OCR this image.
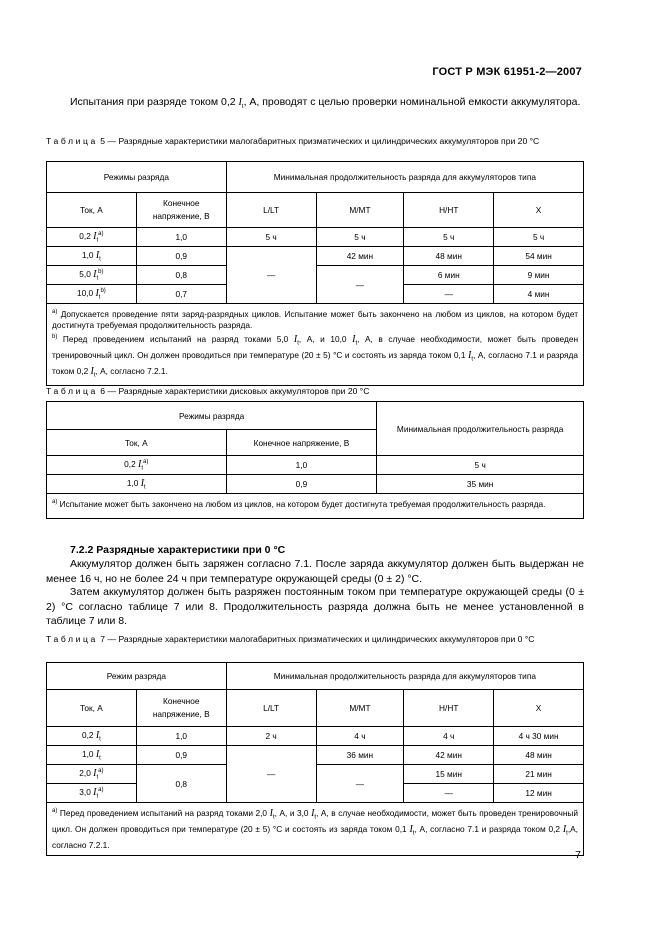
ГОСТ Р МЭК 61951-2—2007
Испытания при разряде током 0,2 $I_t$, А, проводят с целью проверки номинальной емкости аккумулятора.
Таблица 5 — Разрядные характеристики малогабаритных призматических и цилиндрических аккумуляторов при 20 °С
Режимы разряда		Минимальная продолжительность разряда для аккумуляторов типа			
Ток, А	Конечное напряжение, В	L/LT	M/MT	H/HT	X
0,2 $I_t^{a)}$	1,0	5 ч	5 ч	5 ч	5 ч
1,0 $I_t$	0,9	—	42 мин	48 мин	54 мин
5,0 $I_t^{b)}$	0,8		—	6 мин	9 мин
10,0 $I_t^{b)}$	0,7			—	4 мин

$^{a)}$ Допускается проведение пяти заряд-разрядных циклов. Испытание может быть закончено на любом из циклов, на котором будет достигнута требуемая продолжительность разряда.
$^{b)}$ Перед проведением испытаний на разряд токами 5,0 $I_t$, А, и 10,0 $I_t$, А, в случае необходимости, может быть проведен тренировочный цикл. Он должен проводиться при температуре (20 ± 5) °С и состоять из заряда током 0,1 $I_t$, А, согласно 7.1 и разряда током 0,2 $I_t$, А, согласно 7.2.1.					
Таблица 6 — Разрядные характеристики дисковых аккумуляторов при 20 °С
Режимы разряда		Минимальная продолжительность разряда
Ток, А	Конечное напряжение, В	
0,2 $I_t^{a)}$	1,0	5 ч
1,0 $I_t$	0,9	35 мин
$^{a)}$ Испытание может быть закончено на любом из циклов, на котором будет достигнута требуемая продолжительность разряда.		
7.2.2 Разрядные характеристики при 0 °С
Аккумулятор должен быть заряжен согласно 7.1. После заряда аккумулятор должен быть выдержан не менее 16 ч, но не более 24 ч при температуре окружающей среды (0 ± 2) °С.
Затем аккумулятор должен быть разряжен постоянным током при температуре окружающей среды (0 ± 2) °С согласно таблице 7 или 8. Продолжительность разряда должна быть не менее установленной в таблице 7 или 8.
Таблица 7 — Разрядные характеристики малогабаритных призматических и цилиндрических аккумуляторов при 0 °С
Режим разряда		Минимальная продолжительность разряда для аккумуляторов типа			
Ток, А	Конечное напряжение, В	L/LT	M/MT	H/HT	X
0,2 $I_t$	1,0	2 ч	4 ч	4 ч	4 ч 30 мин
1,0 $I_t$	0,9	—	36 мин	42 мин	48 мин
2,0 $I_t^{a)}$	0,8		—	15 мин	21 мин
3,0 $I_t^{a)}$				—	12 мин
$^{a)}$ Перед проведением испытаний на разряд токами 2,0 $I_t$, А, и 3,0 $I_t$, А, в случае необходимости, может быть проведен тренировочный цикл. Он должен проводиться при температуре (20 ± 5) °С и состоять из заряда током 0,1 $I_t$, А, согласно 7.1 и разряда током 0,2 $I_t,А$, согласно 7.2.1.					
7
